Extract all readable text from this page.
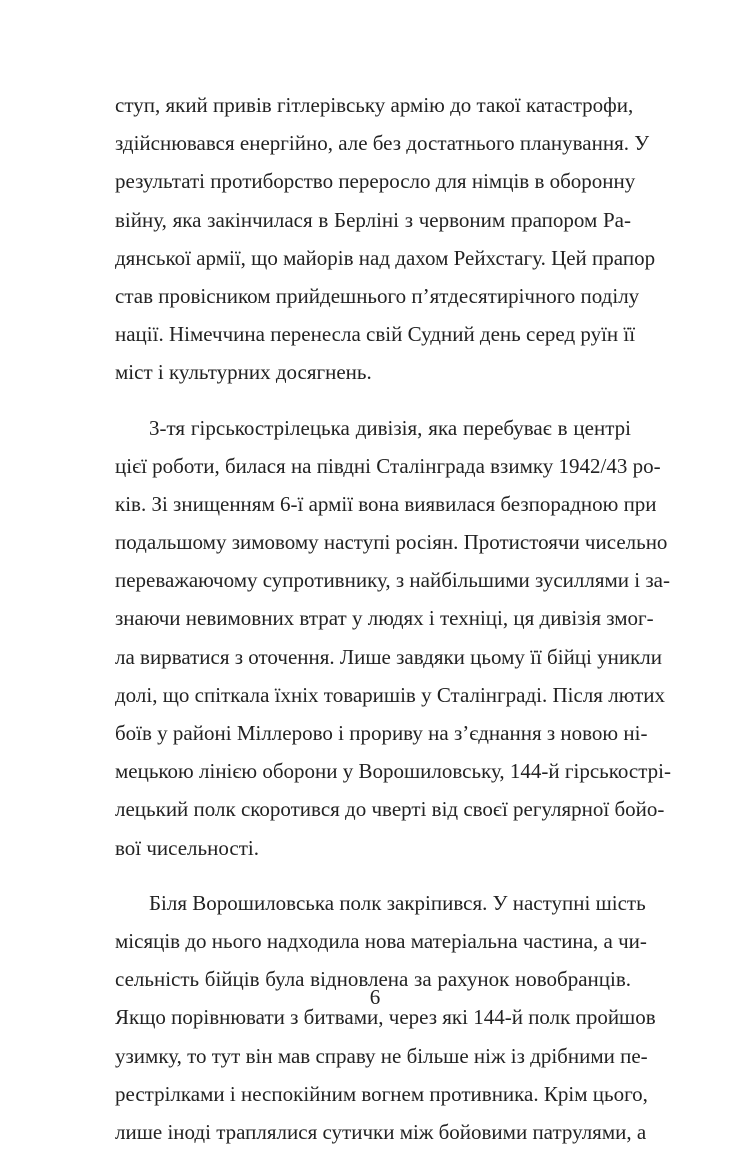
ступ, який привів гітлерівську армію до такої катастрофи,
здійснювався енергійно, але без достатнього планування. У
результаті протиборство переросло для німців в оборонну
війну, яка закінчилася в Берліні з червоним прапором Ра-
дянської армії, що майорів над дахом Рейхстагу. Цей прапор
став провісником прийдешнього п’ятдесятирічного поділу
нації. Німеччина перенесла свій Судний день серед руїн її
міст і культурних досягнень.

3-тя гірськострілецька дивізія, яка перебуває в центрі
цієї роботи, билася на півдні Сталінграда взимку 1942/43 ро-
ків. Зі знищенням 6-ї армії вона виявилася безпорадною при
подальшому зимовому наступі росіян. Протистоячи чисельно
переважаючому супротивнику, з найбільшими зусиллями і за-
знаючи невимовних втрат у людях і техніці, ця дивізія змог-
ла вирватися з оточення. Лише завдяки цьому її бійці уникли
долі, що спіткала їхніх товаришів у Сталінграді. Після лютих
боїв у районі Міллерово і прориву на з’єднання з новою ні-
мецькою лінією оборони у Ворошиловську, 144-й гірськострі-
лецький полк скоротився до чверті від своєї регулярної бойо-
вої чисельності.

Біля Ворошиловська полк закріпився. У наступні шість
місяців до нього надходила нова матеріальна частина, а чи-
сельність бійців була відновлена за рахунок новобранців.
Якщо порівнювати з битвами, через які 144-й полк пройшов
узимку, то тут він мав справу не більше ніж із дрібними пе-
рестрілками і неспокійним вогнем противника. Крім цього,
лише іноді траплялися сутички між бойовими патрулями, а

6
